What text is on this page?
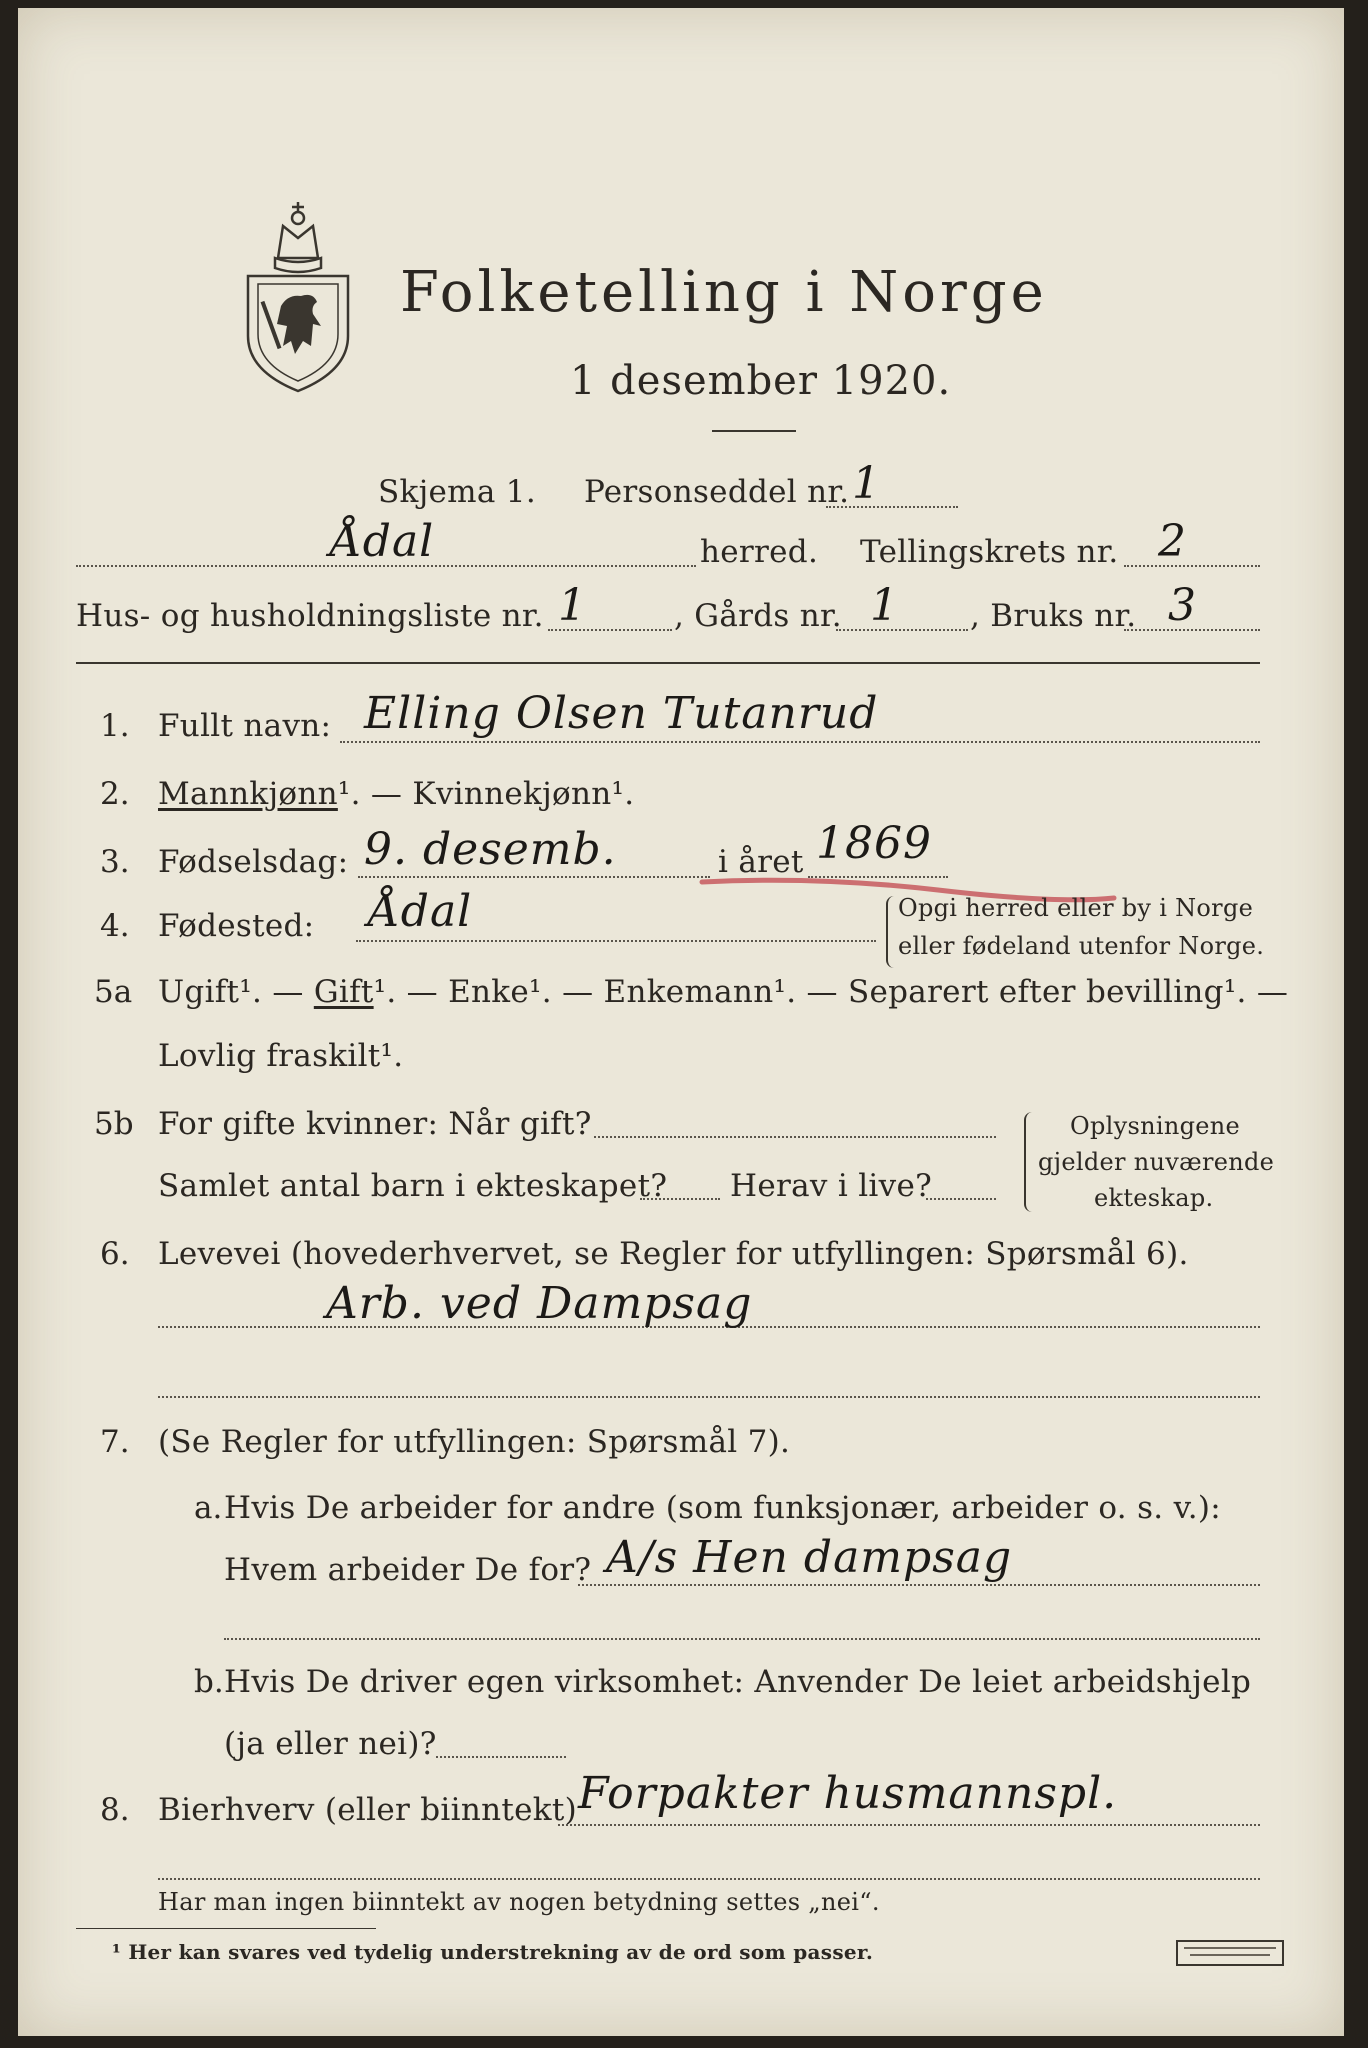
Folketelling i Norge
1 desember 1920.
Skjema 1. Personseddel nr. 1
Ådal	herred. Tellingskrets nr. 2
Hus- og husholdningsliste nr. 1	, Gårds nr. 1 , Bruks nr. 3
1. Fullt navn: Elling Olsen Tutanrud
2. Mannkjønn¹. — Kvinnekjønn¹.
3. Fødselsdag: 9. desemb.	i året 1869
4. Fødested: Ådal	Opgi herred eller by i Norge
eller fødeland utenfor Norge.
5a Ugift¹. — Gift¹. — Enke¹. — Enkemann¹. — Separert efter bevilling¹. —
Lovlig fraskilt¹.
5b For gifte kvinner: Når gift?
Samlet antal barn i ekteskapet? Herav i live?
Oplysningene
gjelder nuværende
ekteskap.
6. Levevei (hovederhvervet, se Regler for utfyllingen: Spørsmål 6).
Arb. ved Dampsag
7. (Se Regler for utfyllingen: Spørsmål 7).
a. Hvis De arbeider for andre (som funksjonær, arbeider o. s. v.):
Hvem arbeider De for? A/s Hen dampsag
b. Hvis De driver egen virksomhet: Anvender De leiet arbeidshjelp
(ja eller nei)?
8. Bierhverv (eller biinntekt) Forpakter husmannspl.
Har man ingen biinntekt av nogen betydning settes „nei“.
¹ Her kan svares ved tydelig understrekning av de ord som passer.
